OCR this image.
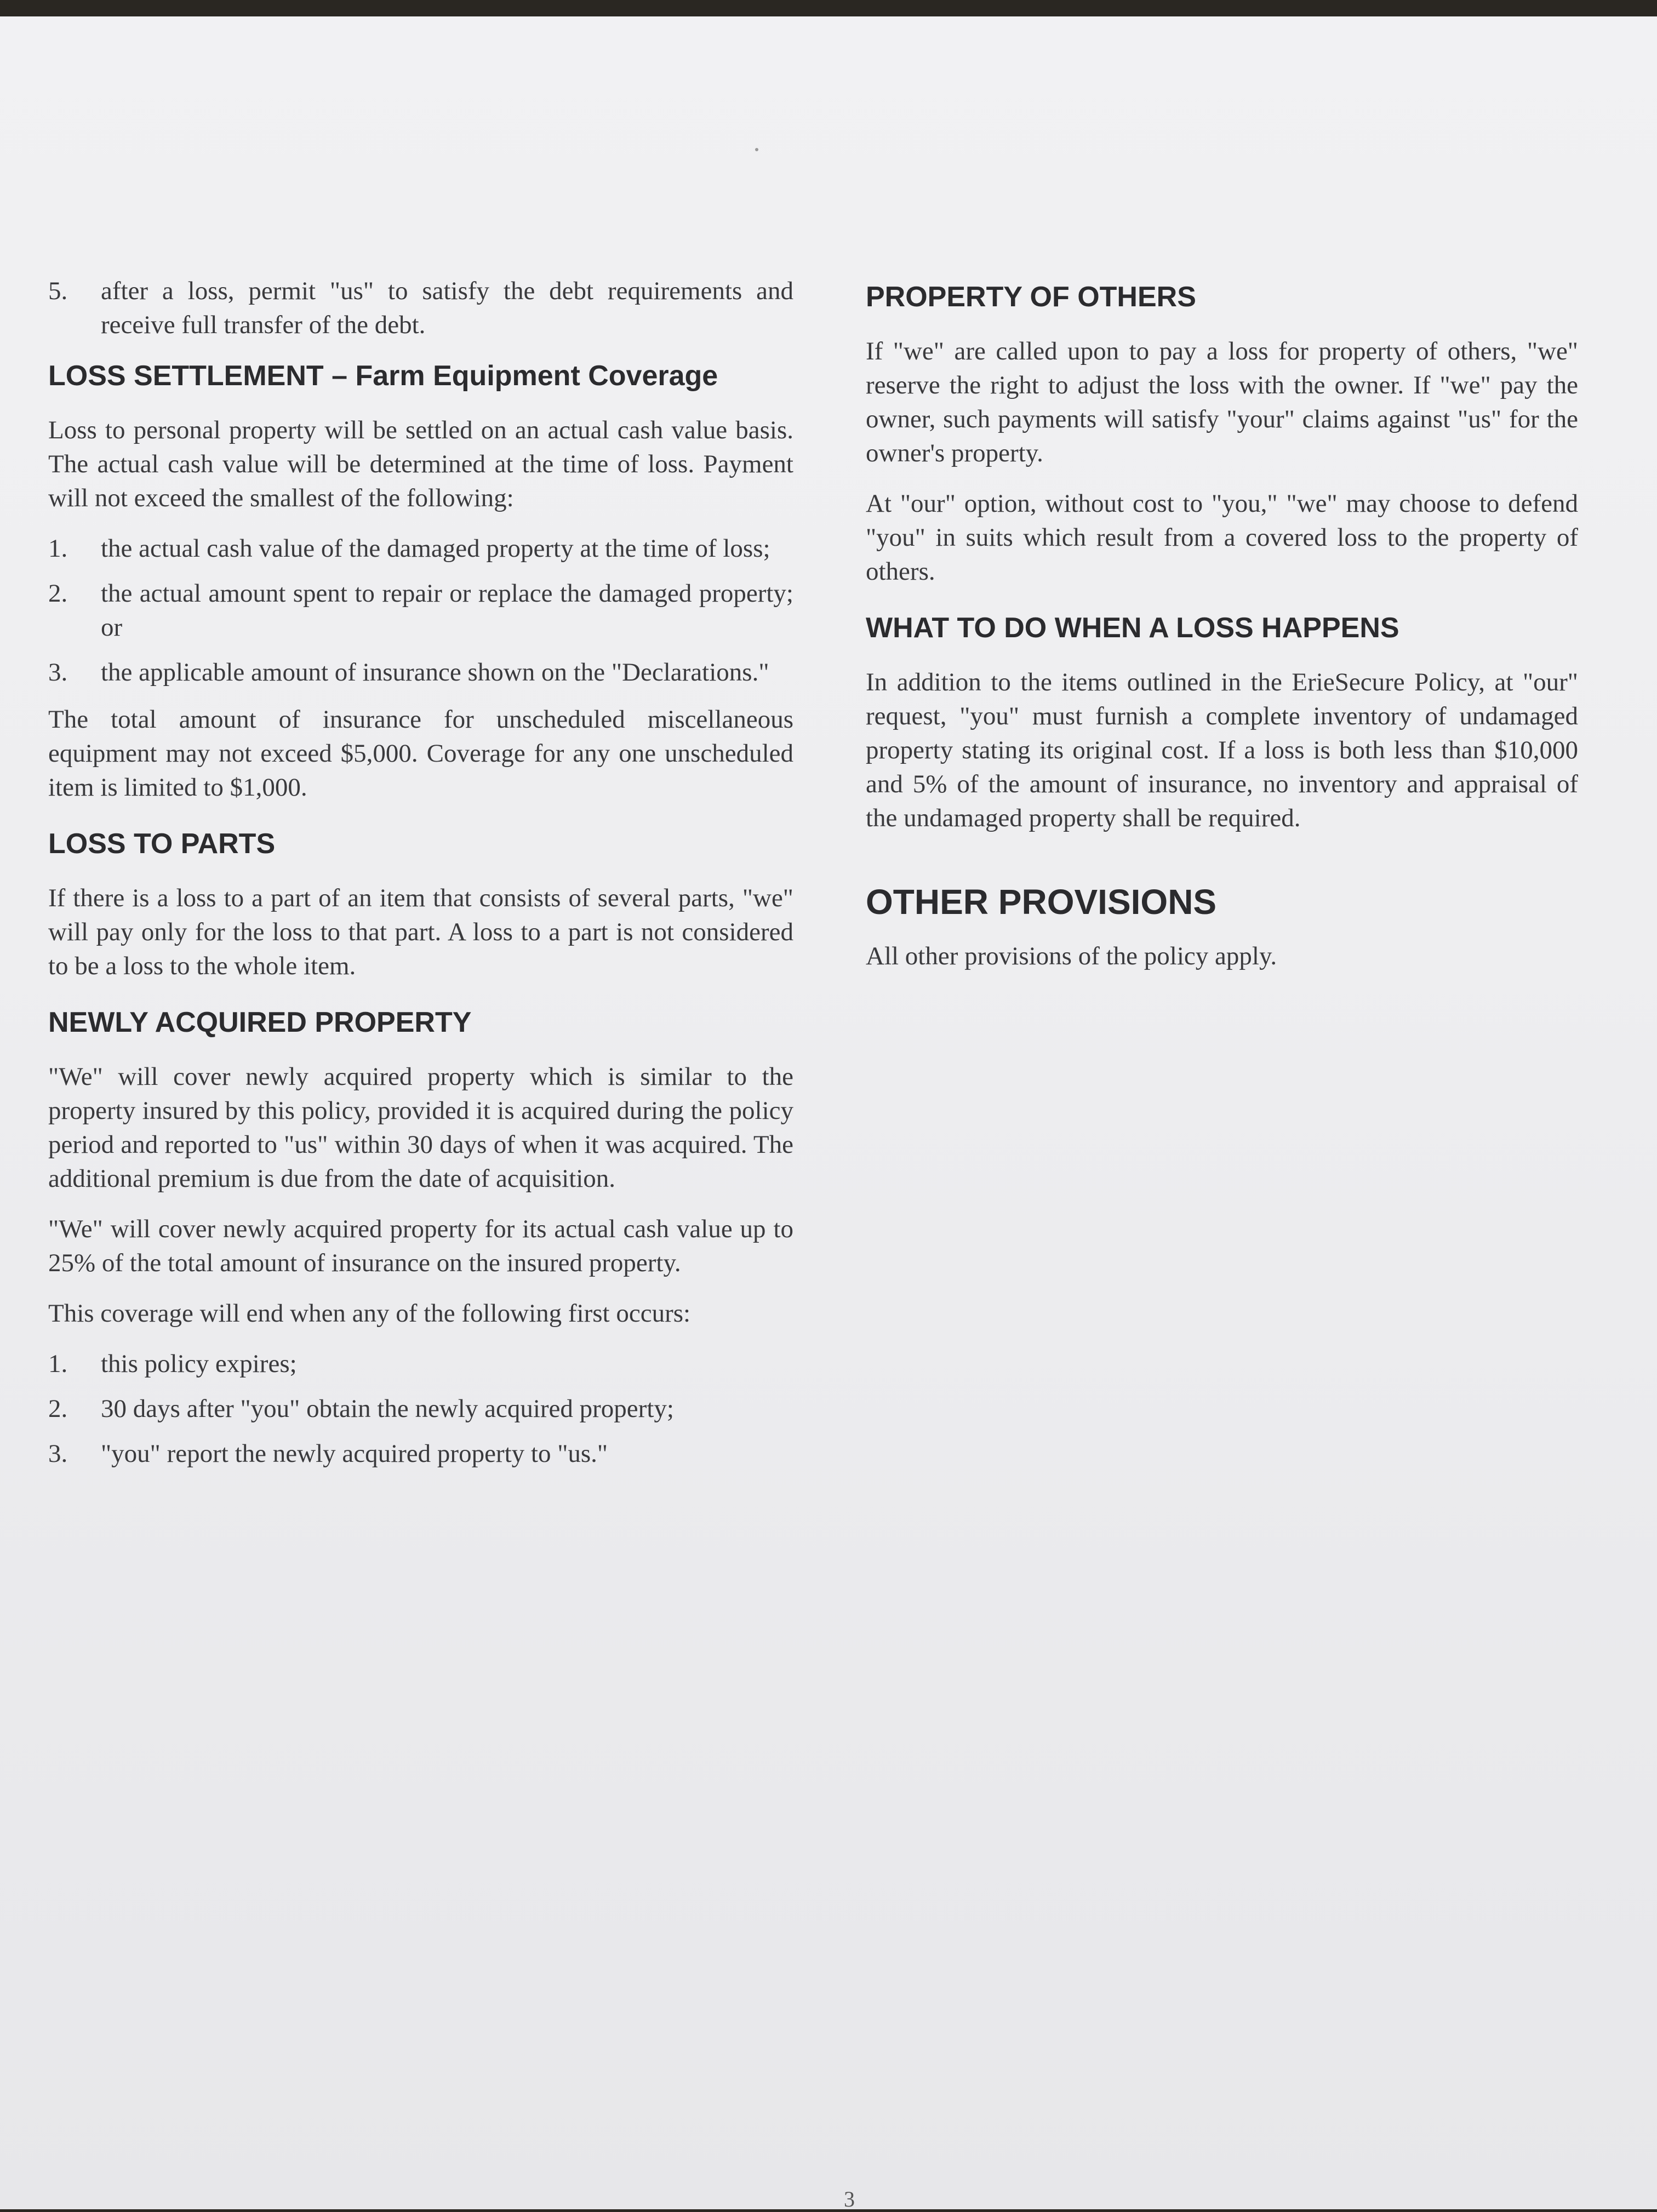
5.	after a loss, permit "us" to satisfy the debt requirements and receive full transfer of the debt.
LOSS SETTLEMENT – Farm Equipment Coverage

Loss to personal property will be settled on an actual cash value basis. The actual cash value will be determined at the time of loss. Payment will not exceed the smallest of the following:

1.	the actual cash value of the damaged property at the time of loss;
2.	the actual amount spent to repair or replace the damaged property; or
3.	the applicable amount of insurance shown on the "Declarations."

The total amount of insurance for unscheduled miscellaneous equipment may not exceed $5,000. Coverage for any one unscheduled item is limited to $1,000.

LOSS TO PARTS

If there is a loss to a part of an item that consists of several parts, "we" will pay only for the loss to that part. A loss to a part is not considered to be a loss to the whole item.

NEWLY ACQUIRED PROPERTY

"We" will cover newly acquired property which is similar to the property insured by this policy, provided it is acquired during the policy period and reported to "us" within 30 days of when it was acquired. The additional premium is due from the date of acquisition.

"We" will cover newly acquired property for its actual cash value up to 25% of the total amount of insurance on the insured property.

This coverage will end when any of the following first occurs:

1.	this policy expires;
2.	30 days after "you" obtain the newly acquired property;
3.	"you" report the newly acquired property to "us."
PROPERTY OF OTHERS

If "we" are called upon to pay a loss for property of others, "we" reserve the right to adjust the loss with the owner. If "we" pay the owner, such payments will satisfy "your" claims against "us" for the owner's property.

At "our" option, without cost to "you," "we" may choose to defend "you" in suits which result from a covered loss to the property of others.

WHAT TO DO WHEN A LOSS HAPPENS

In addition to the items outlined in the ErieSecure Policy, at "our" request, "you" must furnish a complete inventory of undamaged property stating its original cost. If a loss is both less than $10,000 and 5% of the amount of insurance, no inventory and appraisal of the undamaged property shall be required.

OTHER PROVISIONS

All other provisions of the policy apply.

3
